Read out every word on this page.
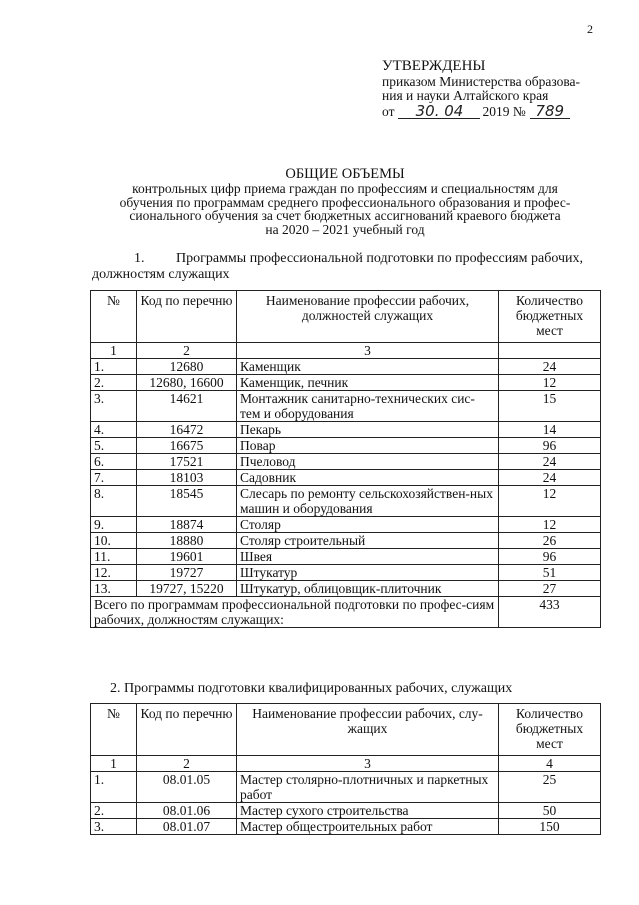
2
УТВЕРЖДЕНЫ
приказом Министерства образова-
ния и науки Алтайского края
от	30. 04	2019 № 789
ОБЩИЕ ОБЪЕМЫ
контрольных цифр приема граждан по профессиям и специальностям для
обучения по программам среднего профессионального образования и профес-
сионального обучения за счет бюджетных ассигнований краевого бюджета
на 2020 – 2021 учебный год
1. Программы профессиональной подготовки по профессиям рабочих,
должностям служащих
№	Код по перечню	Наименование профессии рабочих, должностей служащих	Количество бюджетных мест
1	2	3	
1.	12680	Каменщик	24
2.	12680, 16600	Каменщик, печник	12
3.	14621	Монтажник санитарно-технических сис-тем и оборудования	15
4.	16472	Пекарь	14
5.	16675	Повар	96
6.	17521	Пчеловод	24
7.	18103	Садовник	24
8.	18545	Слесарь по ремонту сельскохозяйствен-ных машин и оборудования	12
9.	18874	Столяр	12
10.	18880	Столяр строительный	26
11.	19601	Швея	96
12.	19727	Штукатур	51
13.	19727, 15220	Штукатур, облицовщик-плиточник	27
Всего по программам профессиональной подготовки по профес-сиям рабочих, должностям служащих:			433
2. Программы подготовки квалифицированных рабочих, служащих
№	Код по перечню	Наименование профессии рабочих, слу-жащих	Количество бюджетных мест
1	2	3	4
1.	08.01.05	Мастер столярно-плотничных и паркетных работ	25
2.	08.01.06	Мастер сухого строительства	50
3.	08.01.07	Мастер общестроительных работ	150
